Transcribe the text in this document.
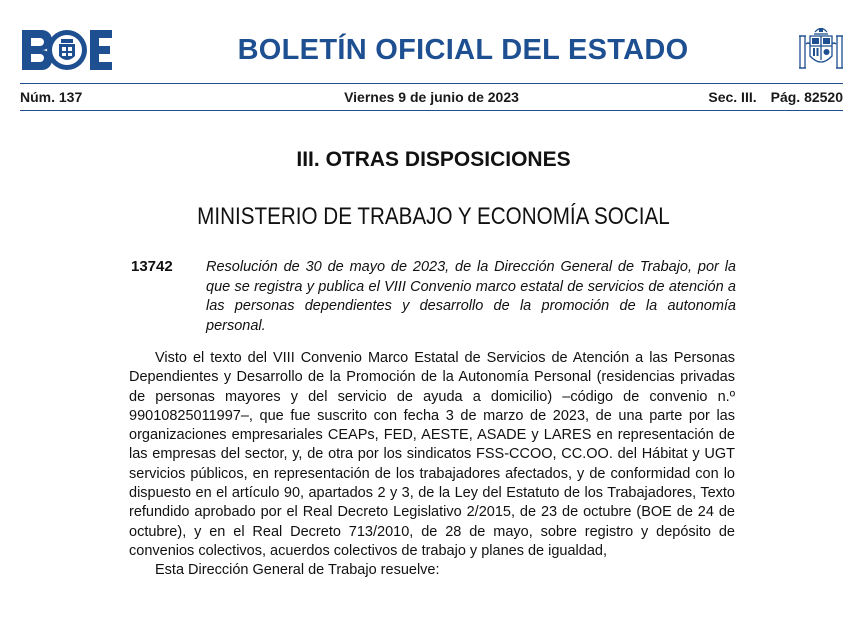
BOLETÍN OFICIAL DEL ESTADO
Núm. 137	Viernes 9 de junio de 2023	Sec. III. Pág. 82520
III. OTRAS DISPOSICIONES
MINISTERIO DE TRABAJO Y ECONOMÍA SOCIAL
13742 Resolución de 30 de mayo de 2023, de la Dirección General de Trabajo, por la que se registra y publica el VIII Convenio marco estatal de servicios de atención a las personas dependientes y desarrollo de la promoción de la autonomía personal.

Visto el texto del VIII Convenio Marco Estatal de Servicios de Atención a las Personas Dependientes y Desarrollo de la Promoción de la Autonomía Personal (residencias privadas de personas mayores y del servicio de ayuda a domicilio) –código de convenio n.º 99010825011997–, que fue suscrito con fecha 3 de marzo de 2023, de una parte por las organizaciones empresariales CEAPs, FED, AESTE, ASADE y LARES en representación de las empresas del sector, y, de otra por los sindicatos FSS-CCOO, CC.OO. del Hábitat y UGT servicios públicos, en representación de los trabajadores afectados, y de conformidad con lo dispuesto en el artículo 90, apartados 2 y 3, de la Ley del Estatuto de los Trabajadores, Texto refundido aprobado por el Real Decreto Legislativo 2/2015, de 23 de octubre (BOE de 24 de octubre), y en el Real Decreto 713/2010, de 28 de mayo, sobre registro y depósito de convenios colectivos, acuerdos colectivos de trabajo y planes de igualdad,

Esta Dirección General de Trabajo resuelve:
